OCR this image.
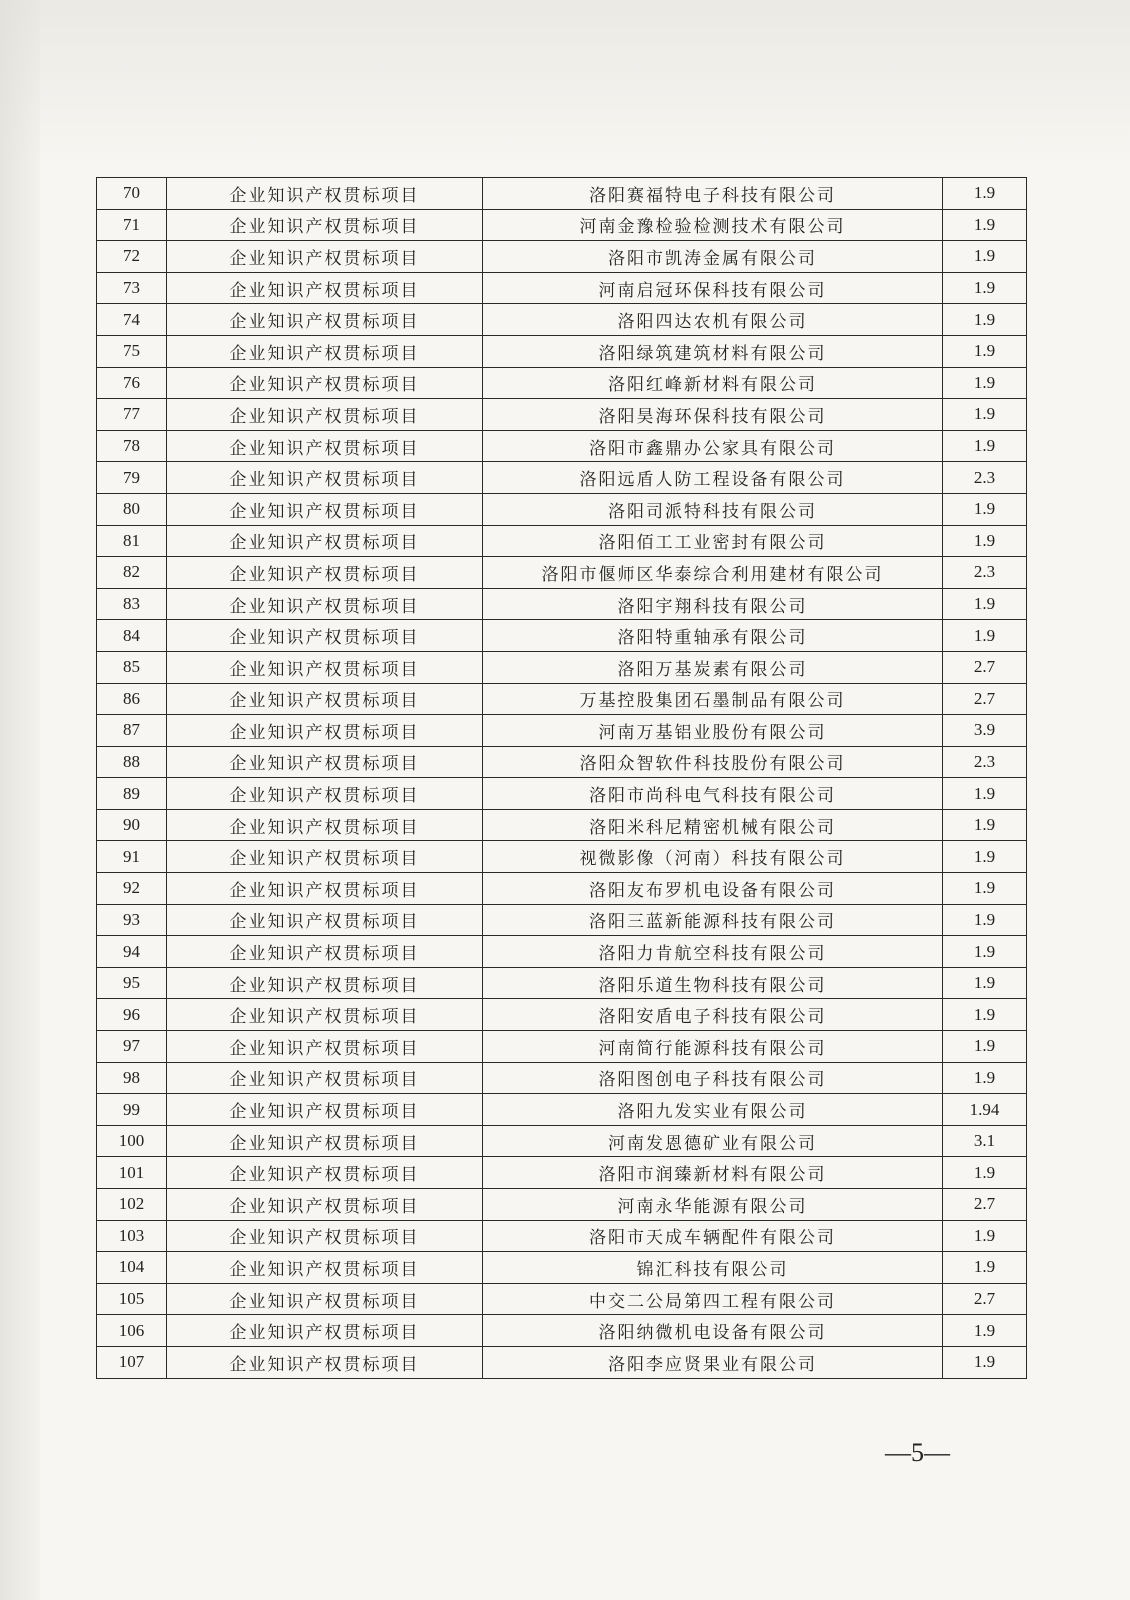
70	企业知识产权贯标项目	洛阳赛福特电子科技有限公司	1.9
71	企业知识产权贯标项目	河南金豫检验检测技术有限公司	1.9
72	企业知识产权贯标项目	洛阳市凯涛金属有限公司	1.9
73	企业知识产权贯标项目	河南启冠环保科技有限公司	1.9
74	企业知识产权贯标项目	洛阳四达农机有限公司	1.9
75	企业知识产权贯标项目	洛阳绿筑建筑材料有限公司	1.9
76	企业知识产权贯标项目	洛阳红峰新材料有限公司	1.9
77	企业知识产权贯标项目	洛阳昊海环保科技有限公司	1.9
78	企业知识产权贯标项目	洛阳市鑫鼎办公家具有限公司	1.9
79	企业知识产权贯标项目	洛阳远盾人防工程设备有限公司	2.3
80	企业知识产权贯标项目	洛阳司派特科技有限公司	1.9
81	企业知识产权贯标项目	洛阳佰工工业密封有限公司	1.9
82	企业知识产权贯标项目	洛阳市偃师区华泰综合利用建材有限公司	2.3
83	企业知识产权贯标项目	洛阳宇翔科技有限公司	1.9
84	企业知识产权贯标项目	洛阳特重轴承有限公司	1.9
85	企业知识产权贯标项目	洛阳万基炭素有限公司	2.7
86	企业知识产权贯标项目	万基控股集团石墨制品有限公司	2.7
87	企业知识产权贯标项目	河南万基铝业股份有限公司	3.9
88	企业知识产权贯标项目	洛阳众智软件科技股份有限公司	2.3
89	企业知识产权贯标项目	洛阳市尚科电气科技有限公司	1.9
90	企业知识产权贯标项目	洛阳米科尼精密机械有限公司	1.9
91	企业知识产权贯标项目	视微影像（河南）科技有限公司	1.9
92	企业知识产权贯标项目	洛阳友布罗机电设备有限公司	1.9
93	企业知识产权贯标项目	洛阳三蓝新能源科技有限公司	1.9
94	企业知识产权贯标项目	洛阳力肯航空科技有限公司	1.9
95	企业知识产权贯标项目	洛阳乐道生物科技有限公司	1.9
96	企业知识产权贯标项目	洛阳安盾电子科技有限公司	1.9
97	企业知识产权贯标项目	河南简行能源科技有限公司	1.9
98	企业知识产权贯标项目	洛阳图创电子科技有限公司	1.9
99	企业知识产权贯标项目	洛阳九发实业有限公司	1.94
100	企业知识产权贯标项目	河南发恩德矿业有限公司	3.1
101	企业知识产权贯标项目	洛阳市润臻新材料有限公司	1.9
102	企业知识产权贯标项目	河南永华能源有限公司	2.7
103	企业知识产权贯标项目	洛阳市天成车辆配件有限公司	1.9
104	企业知识产权贯标项目	锦汇科技有限公司	1.9
105	企业知识产权贯标项目	中交二公局第四工程有限公司	2.7
106	企业知识产权贯标项目	洛阳纳微机电设备有限公司	1.9
107	企业知识产权贯标项目	洛阳李应贤果业有限公司	1.9
—5—
